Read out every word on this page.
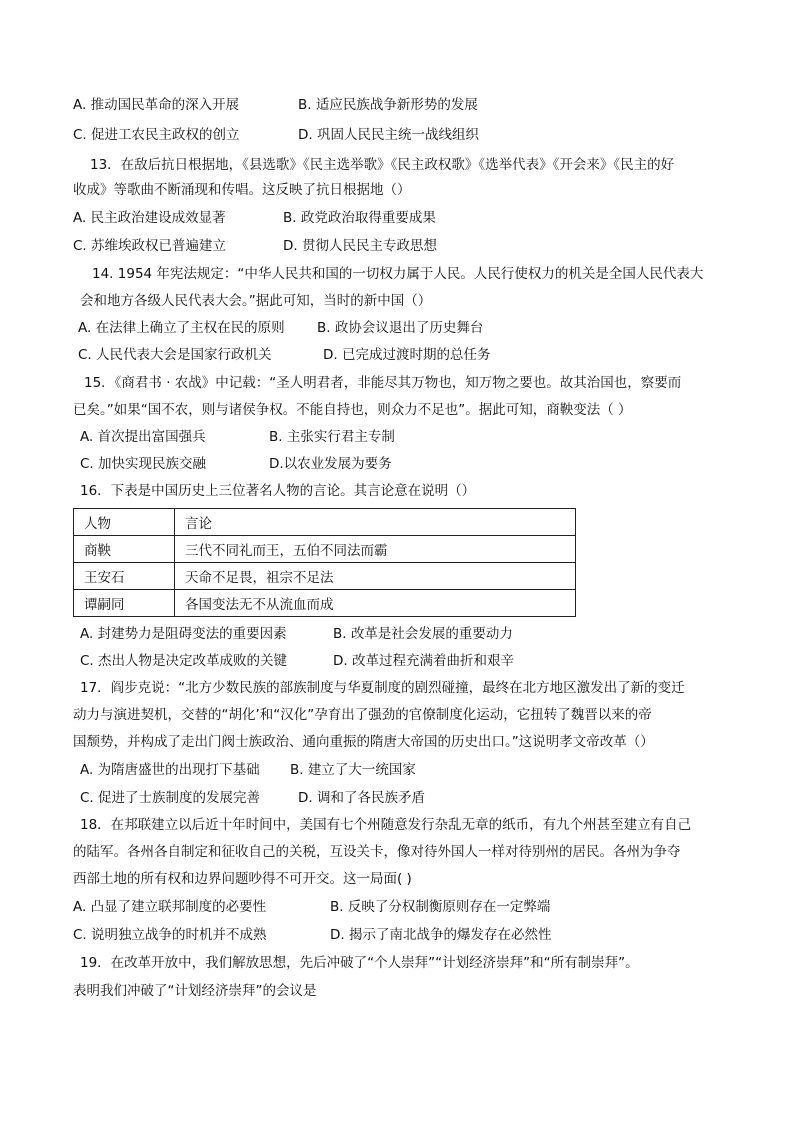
A. 推动国民革命的深入开展	B. 适应民族战争新形势的发展
C. 促进工农民主政权的创立	D. 巩固人民民主统一战线组织
13．在敌后抗日根据地，《县选歌》《民主选举歌》《民主政权歌》《选举代表》《开会来》《民主的好
收成》等歌曲不断涌现和传唱。这反映了抗日根据地（）
A. 民主政治建设成效显著	B. 政党政治取得重要成果
C. 苏维埃政权已普遍建立	D. 贯彻人民民主专政思想
14. 1954 年宪法规定：“中华人民共和国的一切权力属于人民。人民行使权力的机关是全国人民代表大
会和地方各级人民代表大会。”据此可知，当时的新中国（）
A. 在法律上确立了主权在民的原则 B. 政协会议退出了历史舞台
C. 人民代表大会是国家行政机关	D. 已完成过渡时期的总任务
15．《商君书 · 农战》中记载：“圣人明君者，非能尽其万物也，知万物之要也。故其治国也，察要而
已矣。”如果“国不农，则与诸侯争权。不能自持也，则众力不足也”。据此可知，商鞅变法（ ）
A. 首次提出富国强兵	B. 主张实行君主专制
C. 加快实现民族交融	D.以农业发展为要务
16．下表是中国历史上三位著名人物的言论。其言论意在说明（）
人物	言论
商鞅	三代不同礼而王，五伯不同法而霸
王安石	天命不足畏，祖宗不足法
谭嗣同	各国变法无不从流血而成
A. 封建势力是阻碍变法的重要因素	B. 改革是社会发展的重要动力
C. 杰出人物是决定改革成败的关键	D. 改革过程充满着曲折和艰辛
17．阎步克说：“北方少数民族的部族制度与华夏制度的剧烈碰撞，最终在北方地区激发出了新的变迁
动力与演进契机，交替的“胡化’和“汉化”孕育出了强劲的官僚制度化运动，它扭转了魏晋以来的帝
国颓势，并构成了走出门阀士族政治、通向重振的隋唐大帝国的历史出口。”这说明孝文帝改革（）
A. 为隋唐盛世的出现打下基础 B. 建立了大一统国家
C. 促进了士族制度的发展完善	D. 调和了各民族矛盾
18．在邦联建立以后近十年时间中，美国有七个州随意发行杂乱无章的纸币，有九个州甚至建立有自己
的陆军。各州各自制定和征收自己的关税，互设关卡，像对待外国人一样对待别州的居民。各州为争夺
西部土地的所有权和边界问题吵得不可开交。这一局面( )
A. 凸显了建立联邦制度的必要性	B. 反映了分权制衡原则存在一定弊端
C. 说明独立战争的时机并不成熟	D. 揭示了南北战争的爆发存在必然性
19．在改革开放中，我们解放思想，先后冲破了“个人崇拜”“计划经济崇拜”和“所有制崇拜”。
表明我们冲破了“计划经济崇拜”的会议是
